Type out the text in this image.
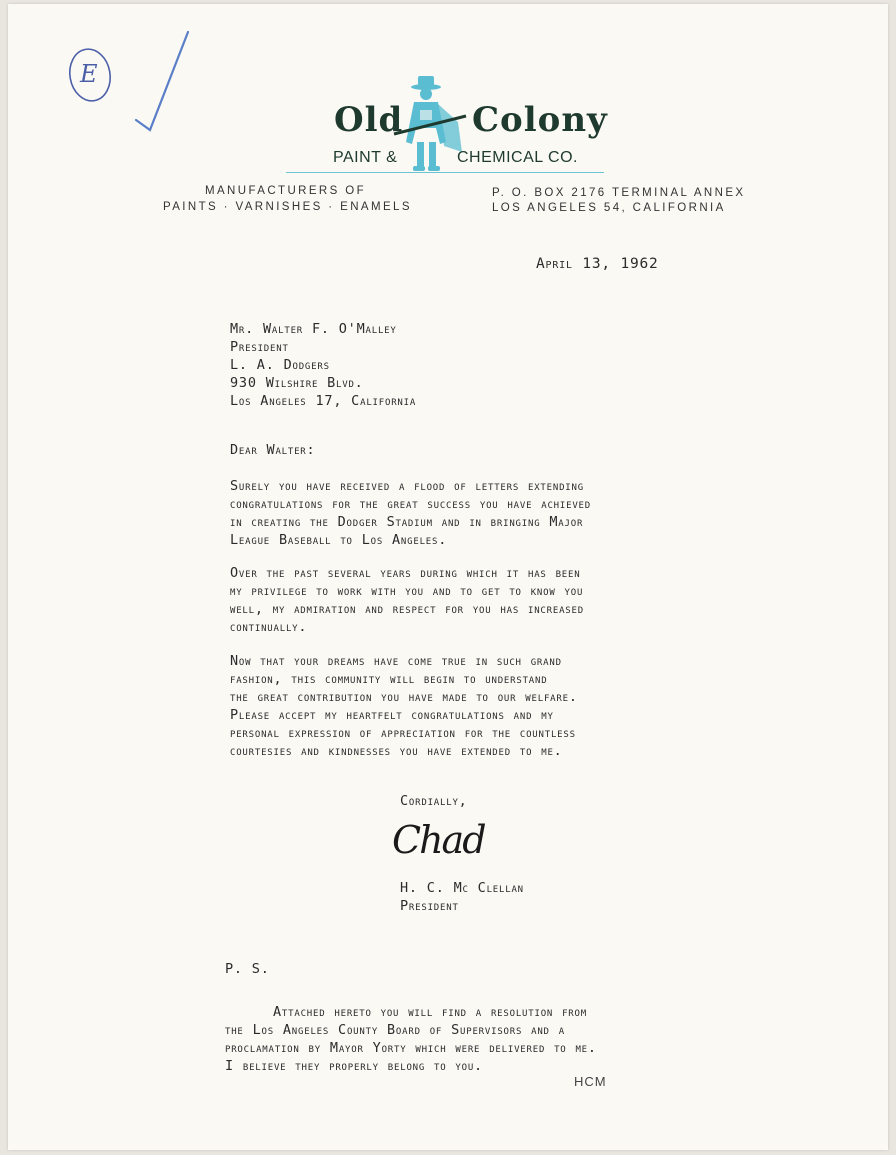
E
Old Colony
PAINT &	CHEMICAL CO.
MANUFACTURERS OF
PAINTS · VARNISHES · ENAMELS
P. O. BOX 2176 TERMINAL ANNEX
LOS ANGELES 54, CALIFORNIA
April 13, 1962
Mr. Walter F. O'Malley
President
L. A. Dodgers
930 Wilshire Blvd.
Los Angeles 17, California
Dear Walter:
Surely you have received a flood of letters extending
congratulations for the great success you have achieved
in creating the Dodger Stadium and in bringing Major
League Baseball to Los Angeles.
Over the past several years during which it has been
my privilege to work with you and to get to know you
well, my admiration and respect for you has increased
continually.
Now that your dreams have come true in such grand
fashion, this community will begin to understand
the great contribution you have made to our welfare.
Please accept my heartfelt congratulations and my
personal expression of appreciation for the countless
courtesies and kindnesses you have extended to me.
Cordially,
Chad
H. C. Mc Clellan
President
P. S.
Attached hereto you will find a resolution from
the Los Angeles County Board of Supervisors and a
proclamation by Mayor Yorty which were delivered to me.
I believe they properly belong to you.
HCM
